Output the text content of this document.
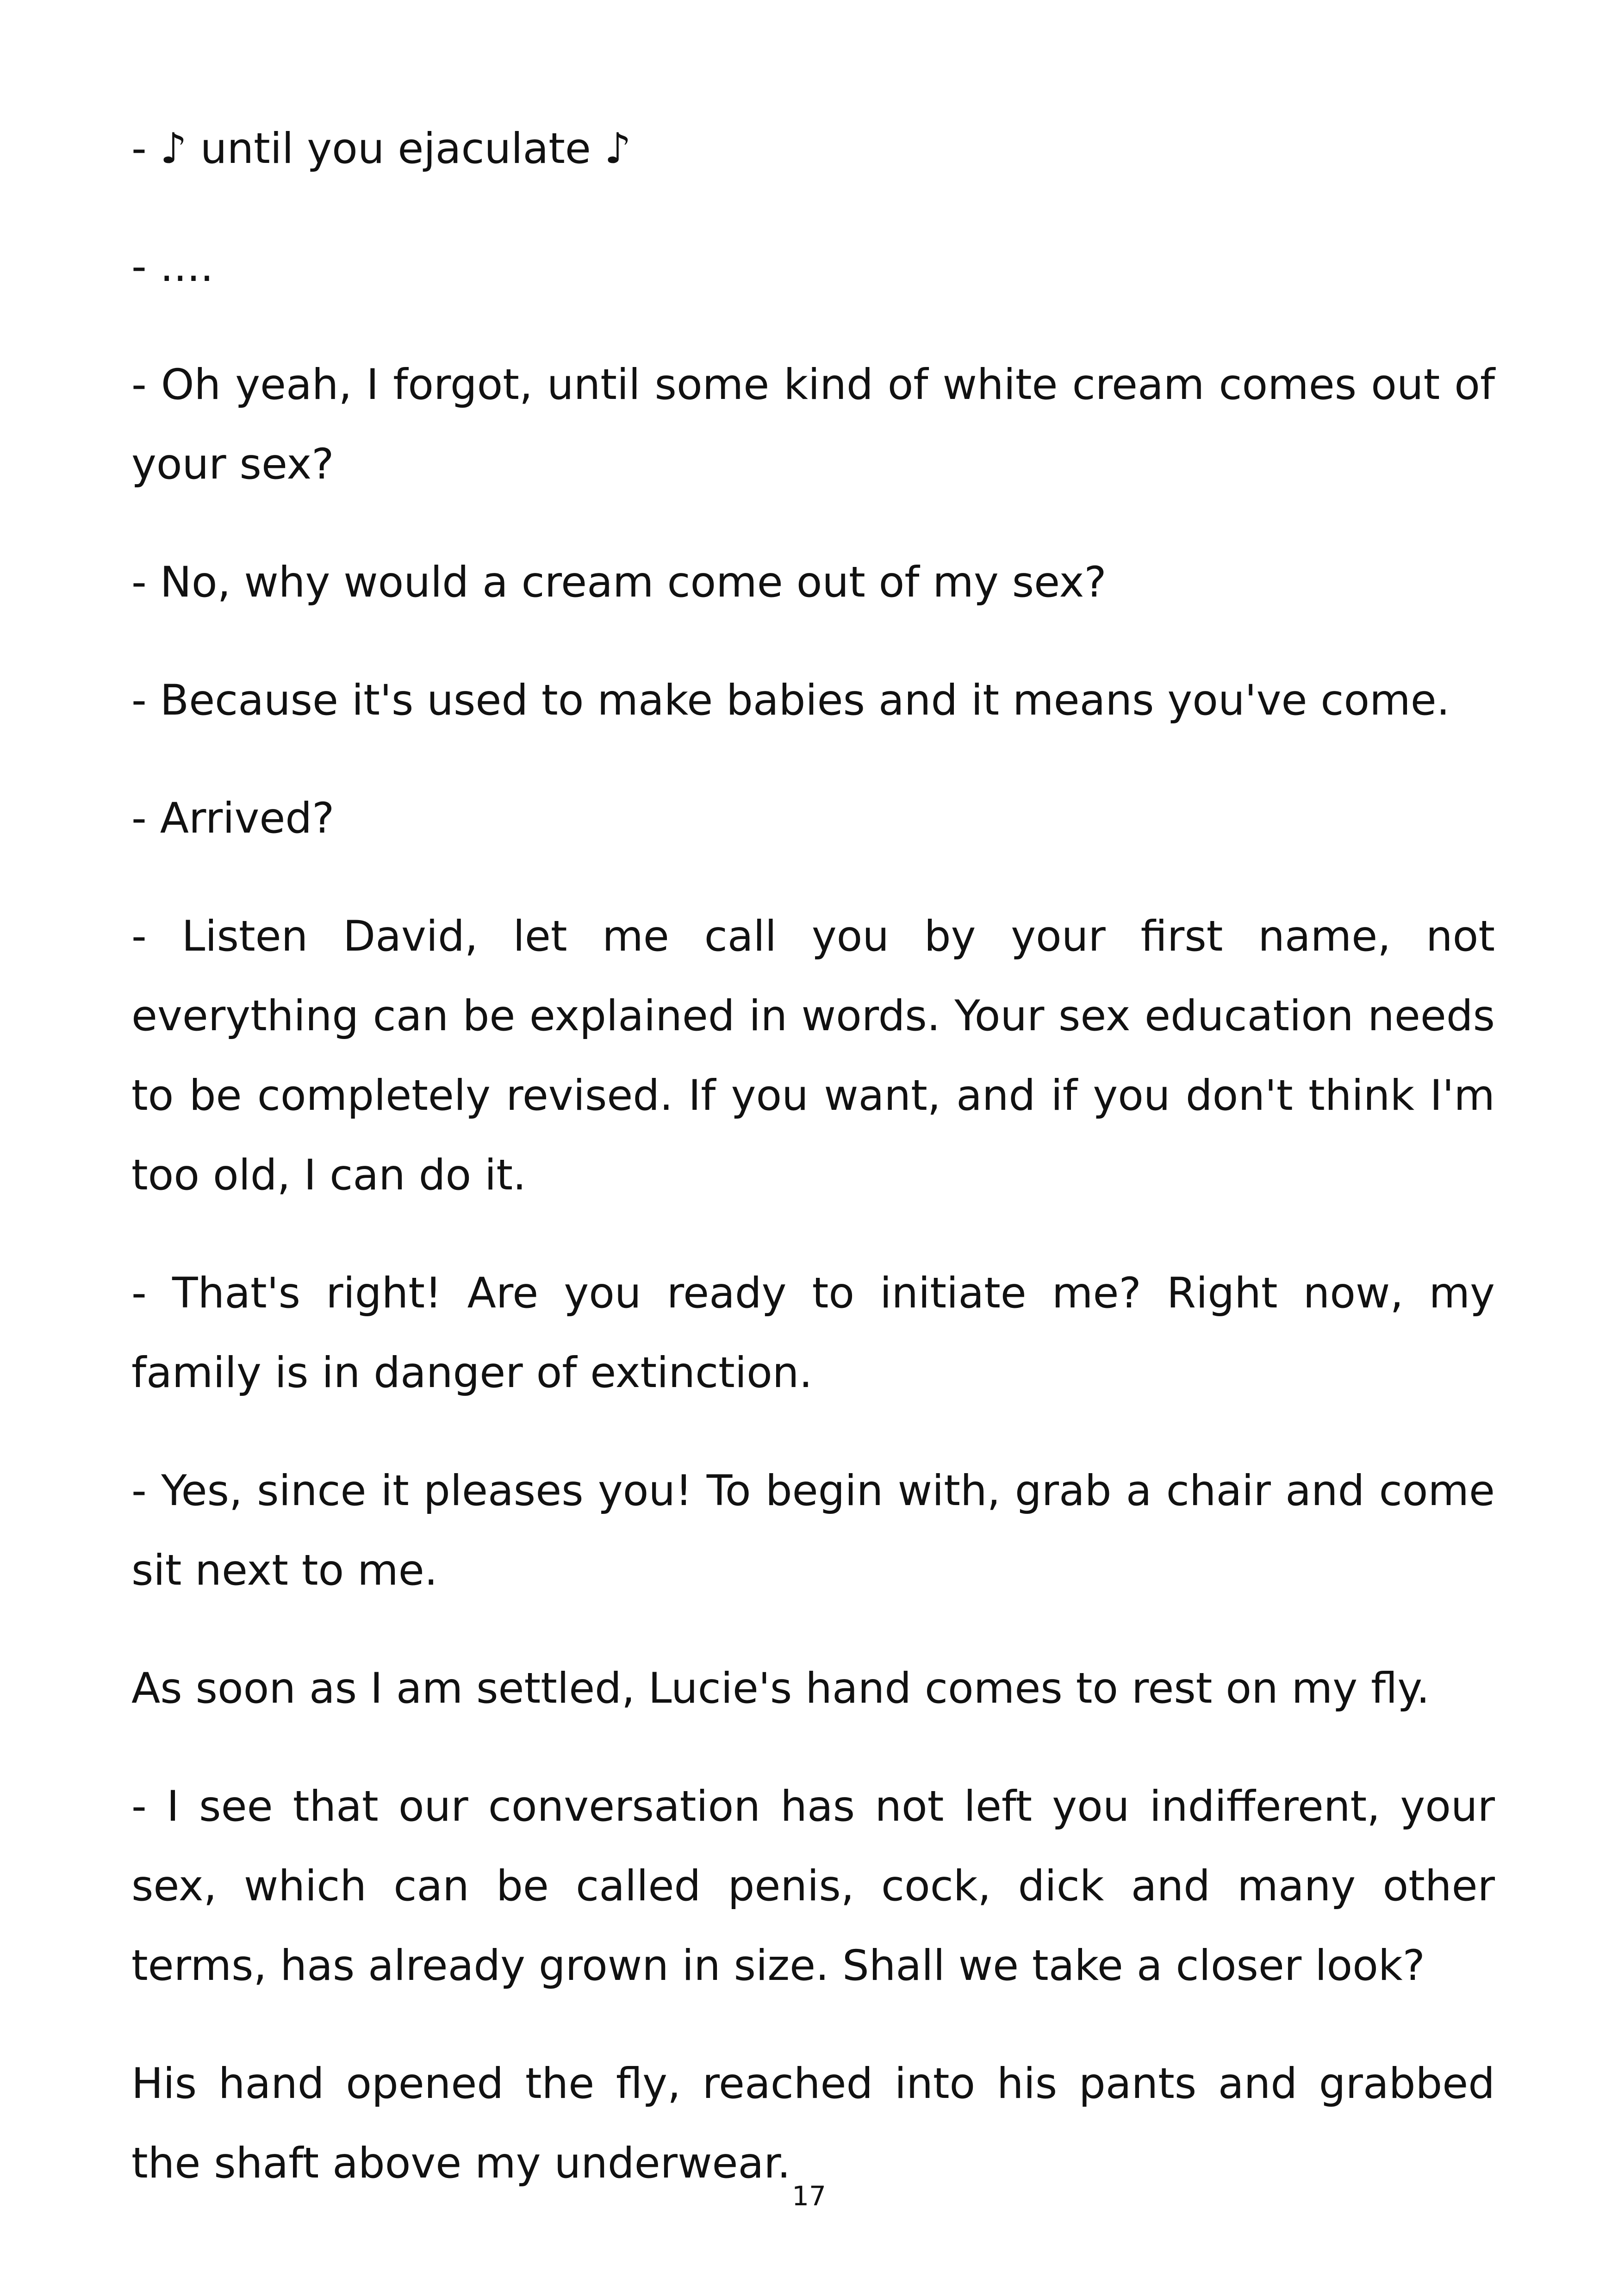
- ♪ until you ejaculate ♪

- ....

- Oh yeah, I forgot, until some kind of white cream comes out of your sex?

- No, why would a cream come out of my sex?

- Because it's used to make babies and it means you've come.

- Arrived?

- Listen David, let me call you by your first name, not everything can be explained in words. Your sex education needs to be completely revised. If you want, and if you don't think I'm too old, I can do it.

- That's right! Are you ready to initiate me? Right now, my family is in danger of extinction.

- Yes, since it pleases you! To begin with, grab a chair and come sit next to me.

As soon as I am settled, Lucie's hand comes to rest on my fly.

- I see that our conversation has not left you indifferent, your sex, which can be called penis, cock, dick and many other terms, has already grown in size. Shall we take a closer look?

His hand opened the fly, reached into his pants and grabbed the shaft above my underwear.

17
